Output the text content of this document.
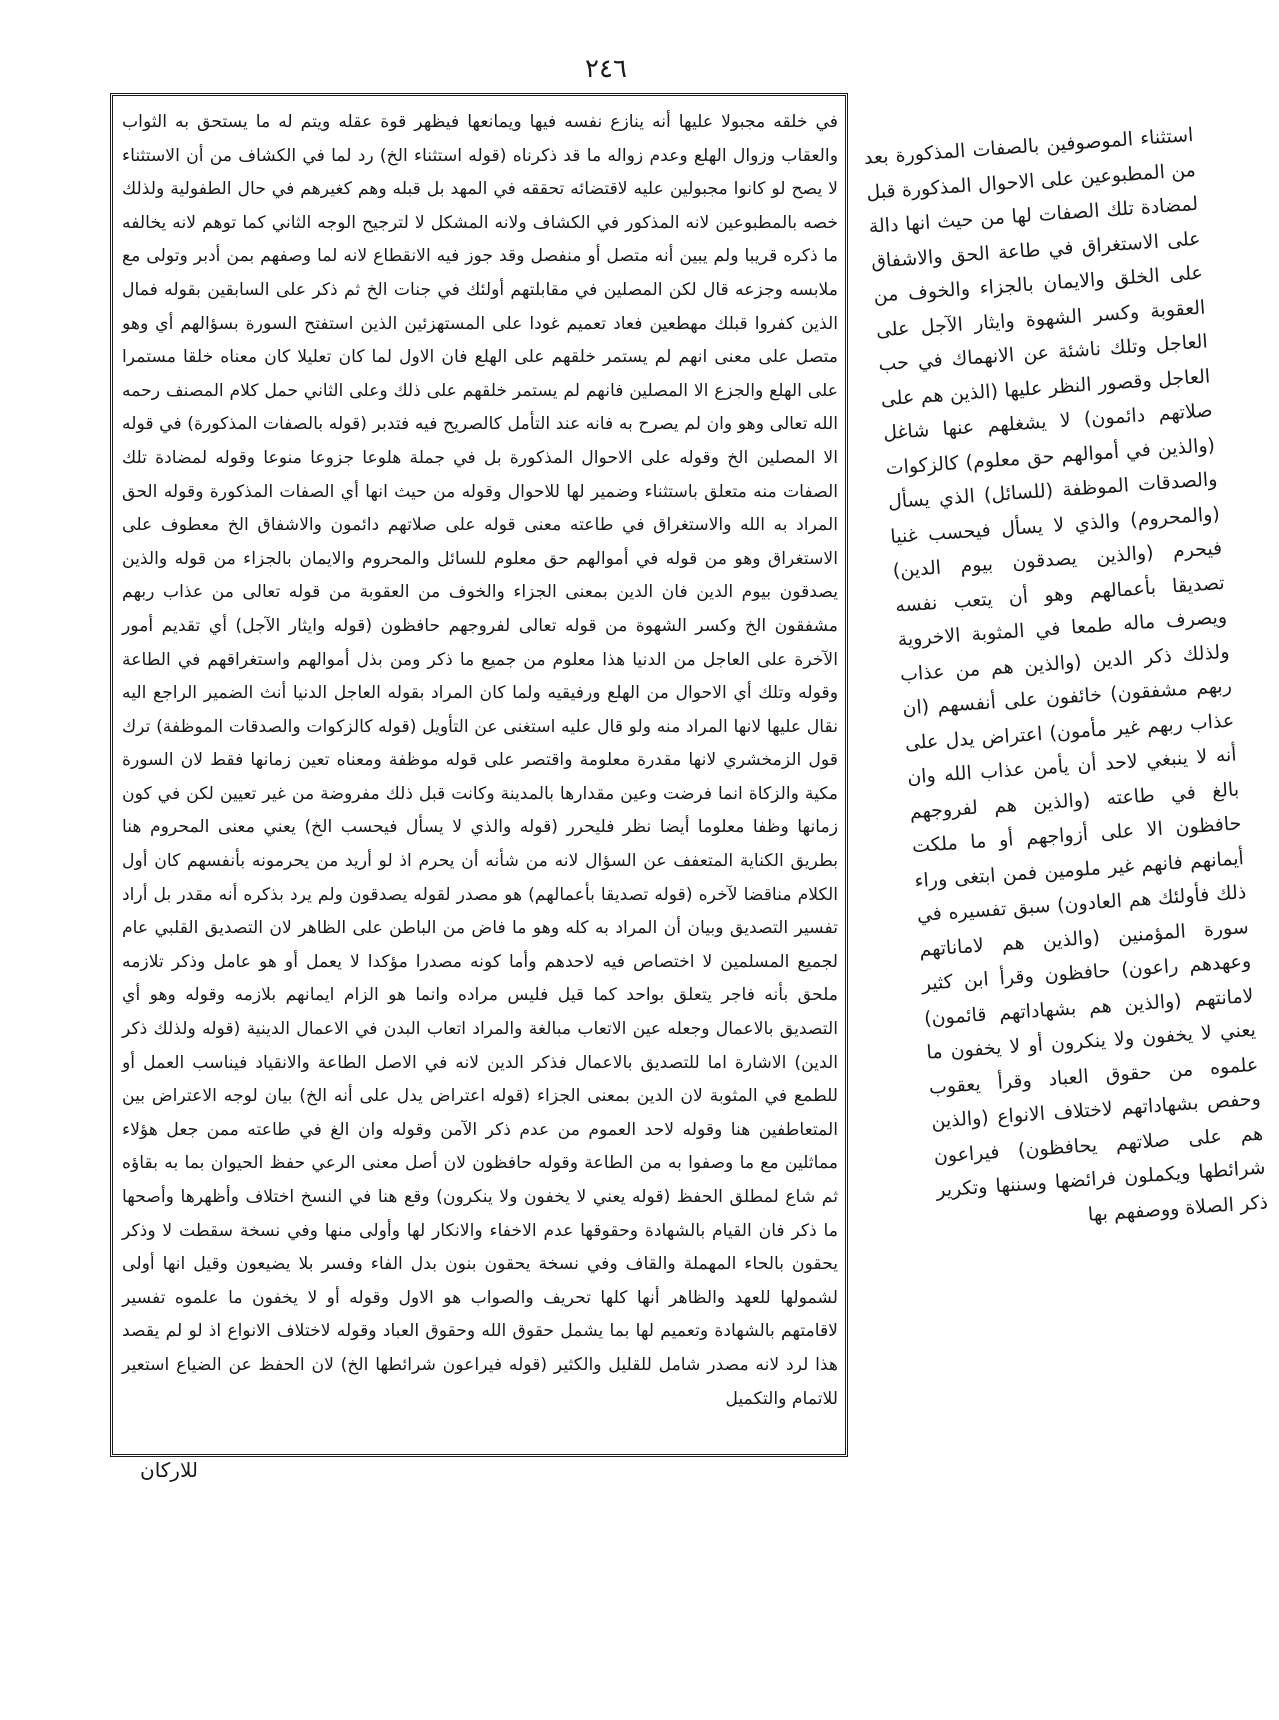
٢٤٦

في خلقه مجبولا عليها أنه ينازع نفسه فيها ويمانعها فيظهر قوة عقله ويتم له ما يستحق به الثواب والعقاب وزوال الهلع وعدم زواله ما قد ذكرناه (قوله استثناء الخ) رد لما في الكشاف من أن الاستثناء لا يصح لو كانوا مجبولين عليه لاقتضائه تحققه في المهد بل قبله وهم كغيرهم في حال الطفولية ولذلك خصه بالمطبوعين لانه المذكور في الكشاف ولانه المشكل لا لترجيح الوجه الثاني كما توهم لانه يخالفه ما ذكره قريبا ولم يبين أنه متصل أو منفصل وقد جوز فيه الانقطاع لانه لما وصفهم بمن أدبر وتولى مع ملابسه وجزعه قال لكن المصلين في مقابلتهم أولئك في جنات الخ ثم ذكر على السابقين بقوله فمال الذين كفروا قبلك مهطعين فعاد تعميم غودا على المستهزئين الذين استفتح السورة بسؤالهم أي وهو متصل على معنى انهم لم يستمر خلقهم على الهلع فان الاول لما كان تعليلا كان معناه خلقا مستمرا على الهلع والجزع الا المصلين فانهم لم يستمر خلقهم على ذلك وعلى الثاني حمل كلام المصنف رحمه الله تعالى وهو وان لم يصرح به فانه عند التأمل كالصريح فيه فتدبر (قوله بالصفات المذكورة) في قوله الا المصلين الخ وقوله على الاحوال المذكورة بل في جملة هلوعا جزوعا منوعا وقوله لمضادة تلك الصفات منه متعلق باستثناء وضمير لها للاحوال وقوله من حيث انها أي الصفات المذكورة وقوله الحق المراد به الله والاستغراق في طاعته معنى قوله على صلاتهم دائمون والاشفاق الخ معطوف على الاستغراق وهو من قوله في أموالهم حق معلوم للسائل والمحروم والايمان بالجزاء من قوله والذين يصدقون بيوم الدين فان الدين بمعنى الجزاء والخوف من العقوبة من قوله تعالى من عذاب ربهم مشفقون الخ وكسر الشهوة من قوله تعالى لفروجهم حافظون (قوله وايثار الآجل) أي تقديم أمور الآخرة على العاجل من الدنيا هذا معلوم من جميع ما ذكر ومن بذل أموالهم واستغراقهم في الطاعة وقوله وتلك أي الاحوال من الهلع ورفيقيه ولما كان المراد بقوله العاجل الدنيا أنث الضمير الراجع اليه نقال عليها لانها المراد منه ولو قال عليه استغنى عن التأويل (قوله كالزكوات والصدقات الموظفة) ترك قول الزمخشري لانها مقدرة معلومة واقتصر على قوله موظفة ومعناه تعين زمانها فقط لان السورة مكية والزكاة انما فرضت وعين مقدارها بالمدينة وكانت قبل ذلك مفروضة من غير تعيين لكن في كون زمانها وظفا معلوما أيضا نظر فليحرر (قوله والذي لا يسأل فيحسب الخ) يعني معنى المحروم هنا بطريق الكناية المتعفف عن السؤال لانه من شأنه أن يحرم اذ لو أريد من يحرمونه بأنفسهم كان أول الكلام مناقضا لآخره (قوله تصديقا بأعمالهم) هو مصدر لقوله يصدقون ولم يرد بذكره أنه مقدر بل أراد تفسير التصديق وبيان أن المراد به كله وهو ما فاض من الباطن على الظاهر لان التصديق القلبي عام لجميع المسلمين لا اختصاص فيه لاحدهم وأما كونه مصدرا مؤكدا لا يعمل أو هو عامل وذكر تلازمه ملحق بأنه فاجر يتعلق بواحد كما قيل فليس مراده وانما هو الزام ايمانهم بلازمه وقوله وهو أي التصديق بالاعمال وجعله عين الاتعاب مبالغة والمراد اتعاب البدن في الاعمال الدينية (قوله ولذلك ذكر الدين) الاشارة اما للتصديق بالاعمال فذكر الدين لانه في الاصل الطاعة والانقياد فيناسب العمل أو للطمع في المثوبة لان الدين بمعنى الجزاء (قوله اعتراض يدل على أنه الخ) بيان لوجه الاعتراض بين المتعاطفين هنا وقوله لاحد العموم من عدم ذكر الآمن وقوله وان الغ في طاعته ممن جعل هؤلاء مماثلين مع ما وصفوا به من الطاعة وقوله حافظون لان أصل معنى الرعي حفظ الحيوان بما به بقاؤه ثم شاع لمطلق الحفظ (قوله يعني لا يخفون ولا ينكرون) وقع هنا في النسخ اختلاف وأظهرها وأصحها ما ذكر فان القيام بالشهادة وحقوقها عدم الاخفاء والانكار لها وأولى منها وفي نسخة سقطت لا وذكر يحقون بالحاء المهملة والقاف وفي نسخة يحقون بنون بدل الفاء وفسر بلا يضيعون وقيل انها أولى لشمولها للعهد والظاهر أنها كلها تحريف والصواب هو الاول وقوله أو لا يخفون ما علموه تفسير لاقامتهم بالشهادة وتعميم لها بما يشمل حقوق الله وحقوق العباد وقوله لاختلاف الانواع اذ لو لم يقصد هذا لرد لانه مصدر شامل للقليل والكثير (قوله فيراعون شرائطها الخ) لان الحفظ عن الضياع استعير للاتمام والتكميل

استثناء الموصوفين بالصفات المذكورة بعد من المطبوعين على الاحوال المذكورة قبل لمضادة تلك الصفات لها من حيث انها دالة على الاستغراق في طاعة الحق والاشفاق على الخلق والايمان بالجزاء والخوف من العقوبة وكسر الشهوة وايثار الآجل على العاجل وتلك ناشئة عن الانهماك في حب العاجل وقصور النظر عليها (الذين هم على صلاتهم دائمون) لا يشغلهم عنها شاغل (والذين في أموالهم حق معلوم) كالزكوات والصدقات الموظفة (للسائل) الذي يسأل (والمحروم) والذي لا يسأل فيحسب غنيا فيحرم (والذين يصدقون بيوم الدين) تصديقا بأعمالهم وهو أن يتعب نفسه ويصرف ماله طمعا في المثوبة الاخروية ولذلك ذكر الدين (والذين هم من عذاب ربهم مشفقون) خائفون على أنفسهم (ان عذاب ربهم غير مأمون) اعتراض يدل على أنه لا ينبغي لاحد أن يأمن عذاب الله وان بالغ في طاعته (والذين هم لفروجهم حافظون الا على أزواجهم أو ما ملكت أيمانهم فانهم غير ملومين فمن ابتغى وراء ذلك فأولئك هم العادون) سبق تفسيره في سورة المؤمنين (والذين هم لاماناتهم وعهدهم راعون) حافظون وقرأ ابن كثير لامانتهم (والذين هم بشهاداتهم قائمون) يعني لا يخفون ولا ينكرون أو لا يخفون ما علموه من حقوق العباد وقرأ يعقوب وحفص بشهاداتهم لاختلاف الانواع (والذين هم على صلاتهم يحافظون) فيراعون شرائطها ويكملون فرائضها وسننها وتكرير ذكر الصلاة ووصفهم بها

للاركان
